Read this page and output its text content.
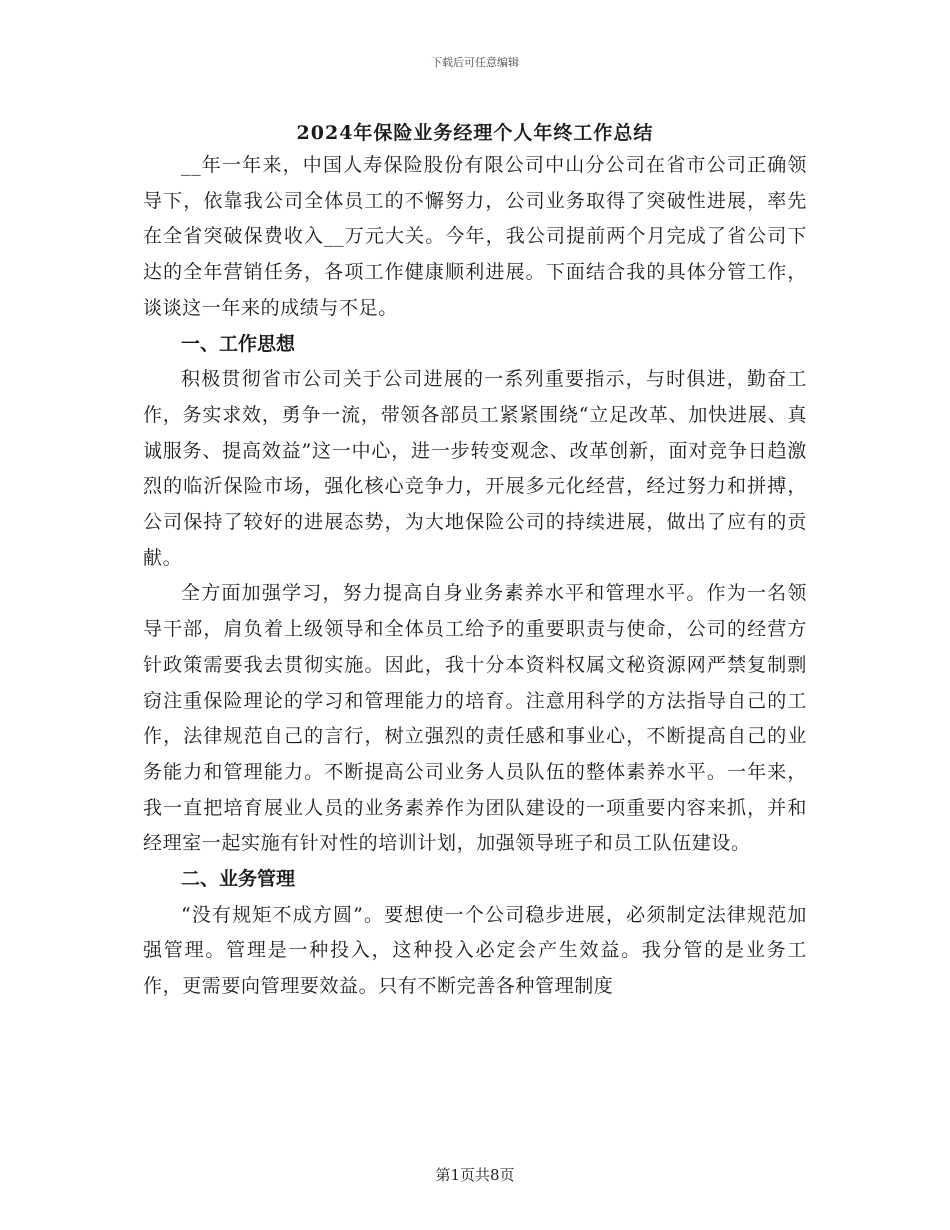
下载后可任意编辑
2024年保险业务经理个人年终工作总结

__年一年来，中国人寿保险股份有限公司中山分公司在省市公司正确领导下，依靠我公司全体员工的不懈努力，公司业务取得了突破性进展，率先在全省突破保费收入__万元大关。今年，我公司提前两个月完成了省公司下达的全年营销任务，各项工作健康顺利进展。下面结合我的具体分管工作，谈谈这一年来的成绩与不足。

一、工作思想

积极贯彻省市公司关于公司进展的一系列重要指示，与时俱进，勤奋工作，务实求效，勇争一流，带领各部员工紧紧围绕“立足改革、加快进展、真诚服务、提高效益”这一中心，进一步转变观念、改革创新，面对竞争日趋激烈的临沂保险市场，强化核心竞争力，开展多元化经营，经过努力和拼搏，公司保持了较好的进展态势，为大地保险公司的持续进展，做出了应有的贡献。

全方面加强学习，努力提高自身业务素养水平和管理水平。作为一名领导干部，肩负着上级领导和全体员工给予的重要职责与使命，公司的经营方针政策需要我去贯彻实施。因此，我十分本资料权属文秘资源网严禁复制剽窃注重保险理论的学习和管理能力的培育。注意用科学的方法指导自己的工作，法律规范自己的言行，树立强烈的责任感和事业心，不断提高自己的业务能力和管理能力。不断提高公司业务人员队伍的整体素养水平。一年来，我一直把培育展业人员的业务素养作为团队建设的一项重要内容来抓，并和经理室一起实施有针对性的培训计划，加强领导班子和员工队伍建设。

二、业务管理

“没有规矩不成方圆”。要想使一个公司稳步进展，必须制定法律规范加强管理。管理是一种投入，这种投入必定会产生效益。我分管的是业务工作，更需要向管理要效益。只有不断完善各种管理制度

第1页共8页
